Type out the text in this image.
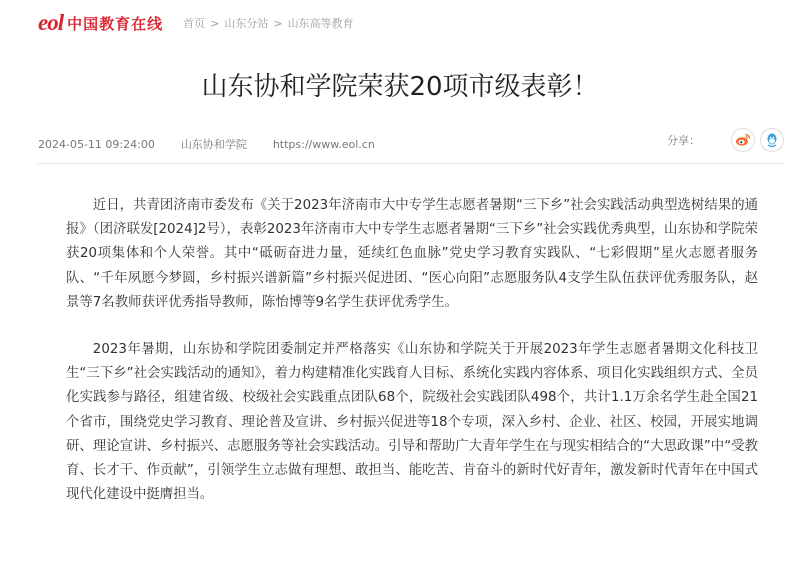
eol 中国教育在线 首页 > 山东分站 > 山东高等教育
山东协和学院荣获20项市级表彰！
2024-05-11 09:24:00 山东协和学院 https://www.eol.cn	分享：

近日，共青团济南市委发布《关于2023年济南市大中专学生志愿者暑期“三下乡”社会实践活动典型选树结果的通报》（团济联发[2024]2号），表彰2023年济南市大中专学生志愿者暑期“三下乡”社会实践优秀典型，山东协和学院荣获20项集体和个人荣誉。其中“砥砺奋进力量，延续红色血脉”党史学习教育实践队、“七彩假期”星火志愿者服务队、“千年夙愿今梦圆，乡村振兴谱新篇”乡村振兴促进团、“医心向阳”志愿服务队4支学生队伍获评优秀服务队，赵景等7名教师获评优秀指导教师，陈怡博等9名学生获评优秀学生。

2023年暑期，山东协和学院团委制定并严格落实《山东协和学院关于开展2023年学生志愿者暑期文化科技卫生“三下乡”社会实践活动的通知》，着力构建精准化实践育人目标、系统化实践内容体系、项目化实践组织方式、全员化实践参与路径，组建省级、校级社会实践重点团队68个，院级社会实践团队498个，共计1.1万余名学生赴全国21个省市，围绕党史学习教育、理论普及宣讲、乡村振兴促进等18个专项，深入乡村、企业、社区、校园，开展实地调研、理论宣讲、乡村振兴、志愿服务等社会实践活动。引导和帮助广大青年学生在与现实相结合的“大思政课”中“受教育、长才干、作贡献”，引领学生立志做有理想、敢担当、能吃苦、肯奋斗的新时代好青年，激发新时代青年在中国式现代化建设中挺膺担当。
